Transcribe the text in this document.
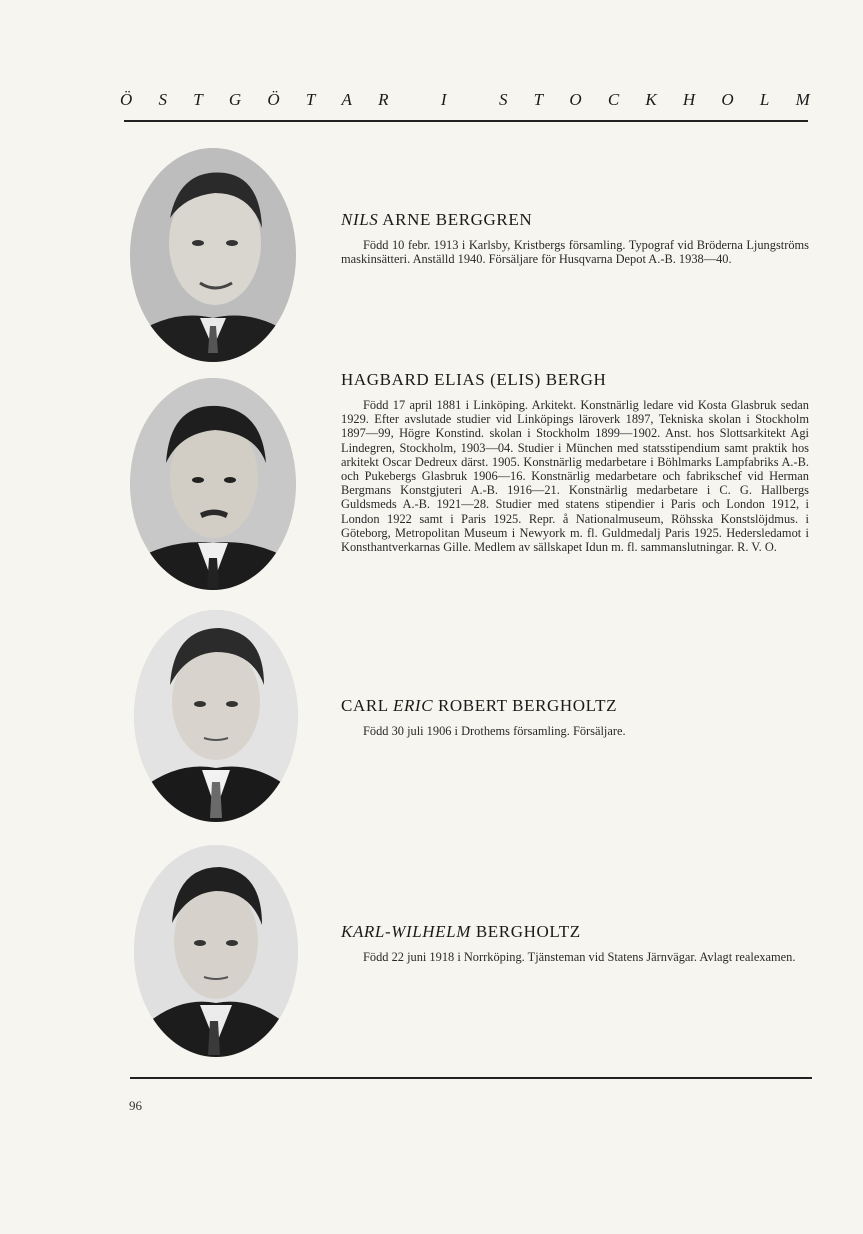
Ö S T G Ö T A R	I	S T O C K H O L M

NILS ARNE BERGGREN

Född 10 febr. 1913 i Karlsby, Kristbergs församling. Typograf vid Bröderna Ljungströms maskinsätteri. Anställd 1940. Försäljare för Husqvarna Depot A.-B. 1938—40.

HAGBARD ELIAS (ELIS) BERGH

Född 17 april 1881 i Linköping. Arkitekt. Konstnärlig ledare vid Kosta Glasbruk sedan 1929. Efter avslutade studier vid Linköpings läroverk 1897, Tekniska skolan i Stockholm 1897—99, Högre Konstind. skolan i Stockholm 1899—1902. Anst. hos Slottsarkitekt Agi Lindegren, Stockholm, 1903—04. Studier i München med statsstipendium samt praktik hos arkitekt Oscar Dedreux därst. 1905. Konstnärlig medarbetare i Böhlmarks Lampfabriks A.-B. och Pukebergs Glasbruk 1906—16. Konstnärlig medarbetare och fabrikschef vid Herman Bergmans Konstgjuteri A.-B. 1916—21. Konstnärlig medarbetare i C. G. Hallbergs Guldsmeds A.-B. 1921—28. Studier med statens stipendier i Paris och London 1912, i London 1922 samt i Paris 1925. Repr. å Nationalmuseum, Röhsska Konstslöjdmus. i Göteborg, Metropolitan Museum i Newyork m. fl. Guldmedalj Paris 1925. Hedersledamot i Konsthantverkarnas Gille. Medlem av sällskapet Idun m. fl. sammanslutningar. R. V. O.

CARL ERIC ROBERT BERGHOLTZ

Född 30 juli 1906 i Drothems församling. Försäljare.

KARL-WILHELM BERGHOLTZ

Född 22 juni 1918 i Norrköping. Tjänsteman vid Statens Järnvägar. Avlagt realexamen.

96
